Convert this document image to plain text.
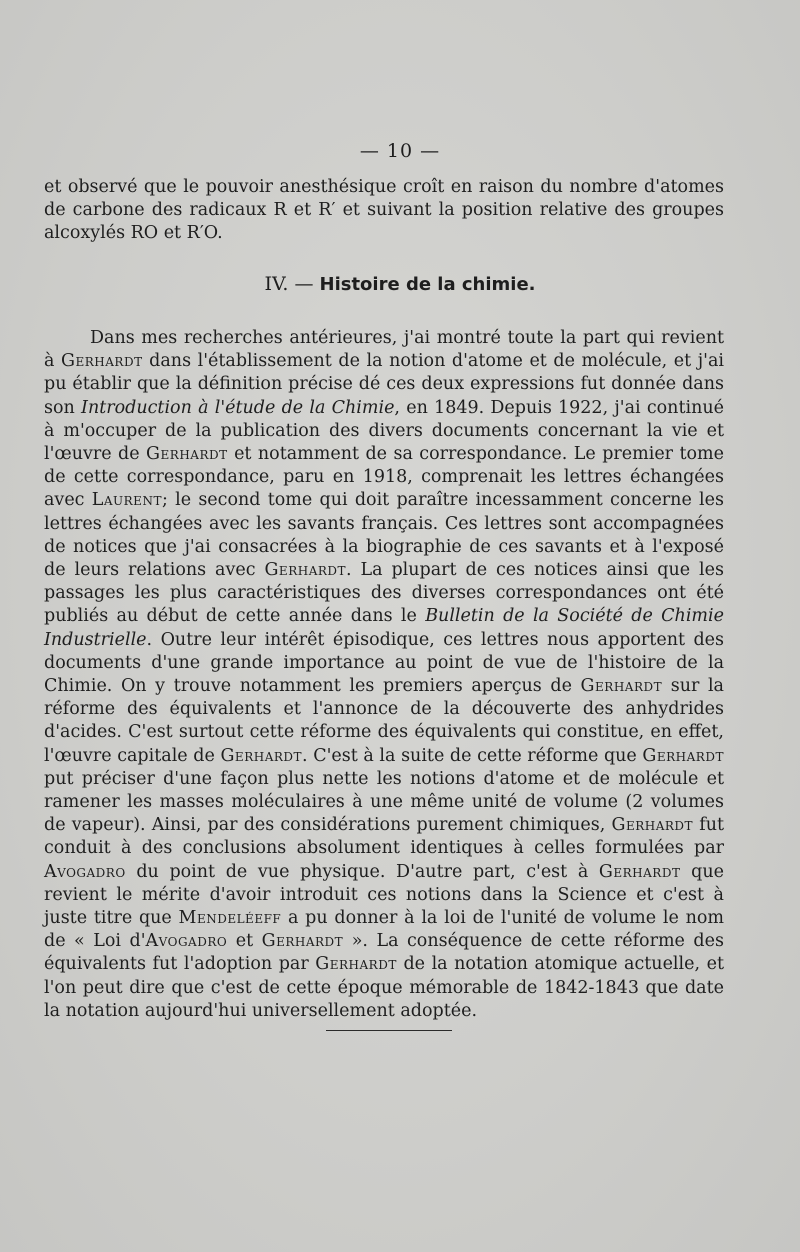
— 10 —

et observé que le pouvoir anesthésique croît en raison du nombre d'atomes de carbone des radicaux R et R′ et suivant la position relative des groupes alcoxylés RO et R′O.

IV. — Histoire de la chimie.

Dans mes recherches antérieures, j'ai montré toute la part qui revient à Gerhardt dans l'établissement de la notion d'atome et de molécule, et j'ai pu établir que la définition précise dé ces deux expressions fut donnée dans son Introduction à l'étude de la Chimie, en 1849. Depuis 1922, j'ai continué à m'occuper de la publication des divers documents concernant la vie et l'œuvre de Gerhardt et notamment de sa correspondance. Le premier tome de cette correspondance, paru en 1918, comprenait les lettres échangées avec Laurent; le second tome qui doit paraître incessamment concerne les lettres échangées avec les savants français. Ces lettres sont accompagnées de notices que j'ai consacrées à la biographie de ces savants et à l'exposé de leurs relations avec Gerhardt. La plupart de ces notices ainsi que les passages les plus caractéristiques des diverses correspondances ont été publiés au début de cette année dans le Bulletin de la Société de Chimie Industrielle. Outre leur intérêt épisodique, ces lettres nous apportent des documents d'une grande importance au point de vue de l'histoire de la Chimie. On y trouve notamment les premiers aperçus de Gerhardt sur la réforme des équivalents et l'annonce de la découverte des anhydrides d'acides. C'est surtout cette réforme des équivalents qui constitue, en effet, l'œuvre capitale de Gerhardt. C'est à la suite de cette réforme que Gerhardt put préciser d'une façon plus nette les notions d'atome et de molécule et ramener les masses moléculaires à une même unité de volume (2 volumes de vapeur). Ainsi, par des considérations purement chimiques, Gerhardt fut conduit à des conclusions absolument identiques à celles formulées par Avogadro du point de vue physique. D'autre part, c'est à Gerhardt que revient le mérite d'avoir introduit ces notions dans la Science et c'est à juste titre que Mendeléeff a pu donner à la loi de l'unité de volume le nom de « Loi d'Avogadro et Gerhardt ». La conséquence de cette réforme des équivalents fut l'adoption par Gerhardt de la notation atomique actuelle, et l'on peut dire que c'est de cette époque mémorable de 1842-1843 que date la notation aujourd'hui universellement adoptée.
